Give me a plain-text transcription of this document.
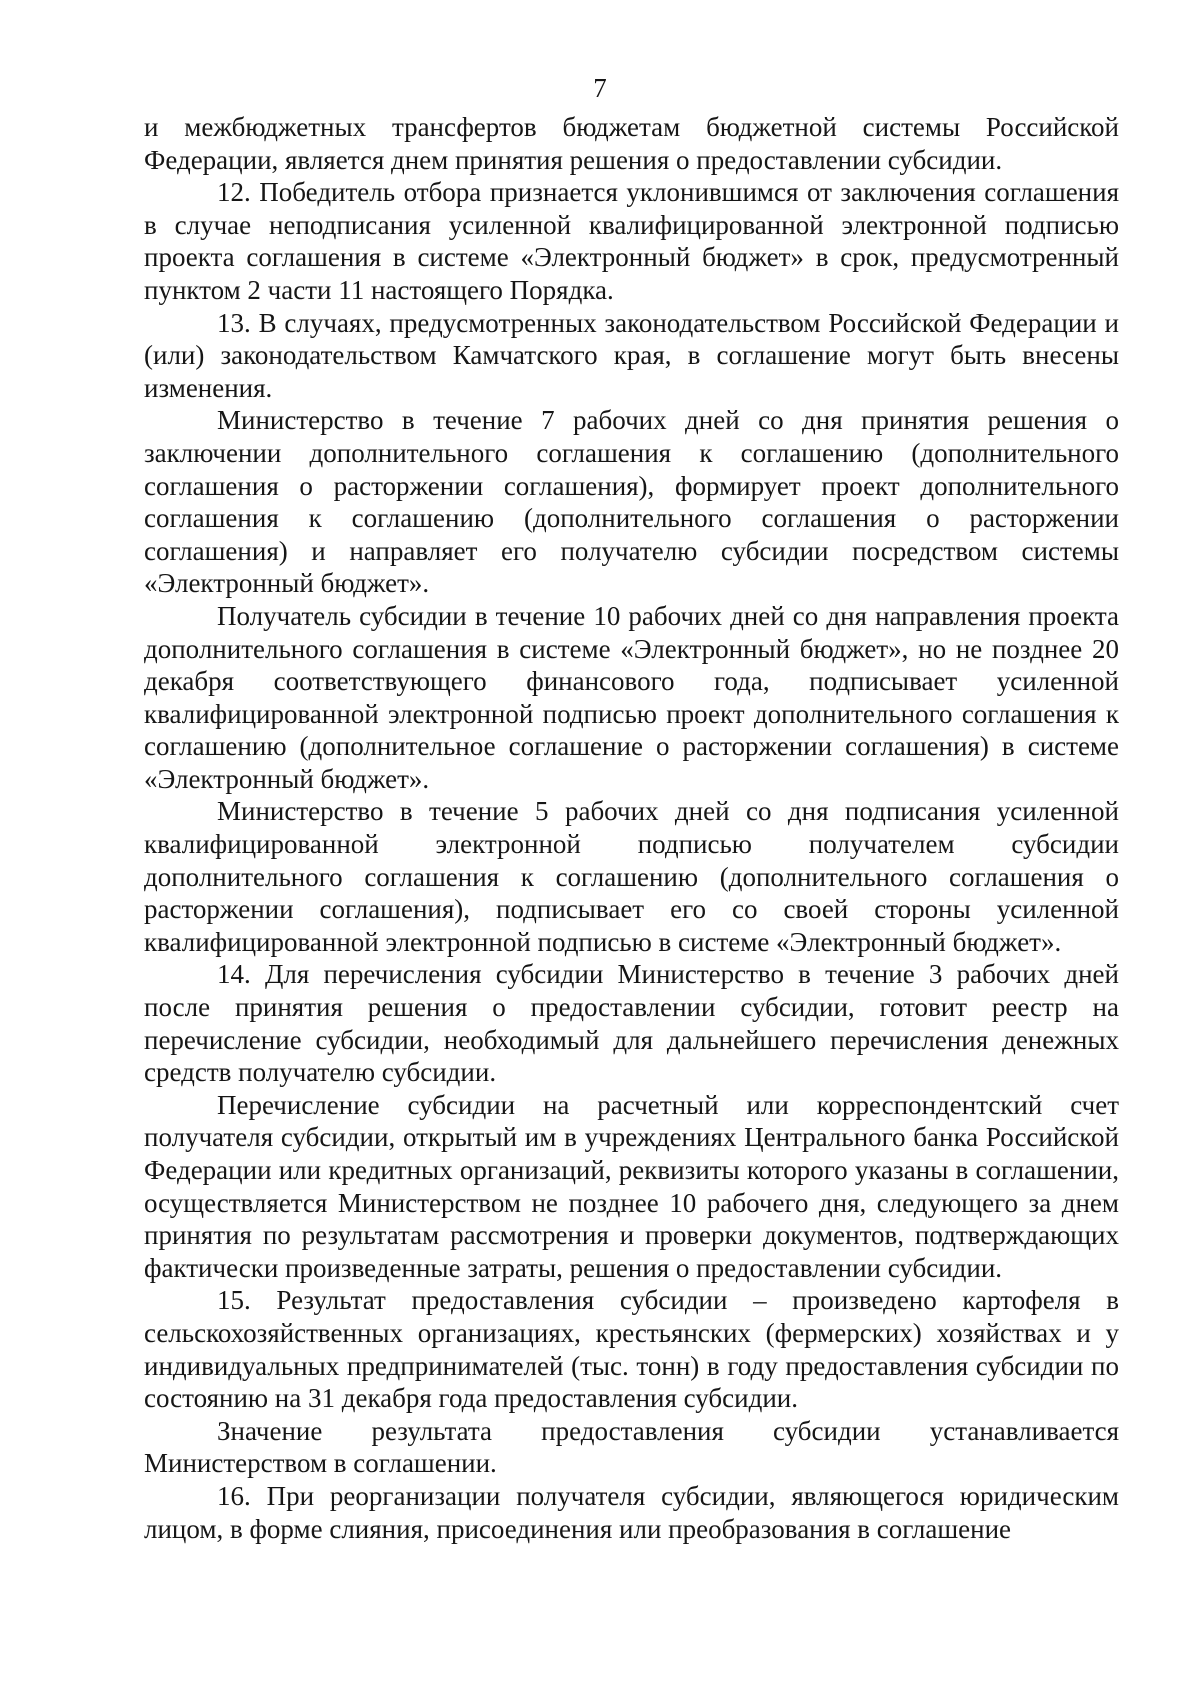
7

и межбюджетных трансфертов бюджетам бюджетной системы Российской Федерации, является днем принятия решения о предоставлении субсидии.

12. Победитель отбора признается уклонившимся от заключения соглашения в случае неподписания усиленной квалифицированной электронной подписью проекта соглашения в системе «Электронный бюджет» в срок, предусмотренный пунктом 2 части 11 настоящего Порядка.

13. В случаях, предусмотренных законодательством Российской Федерации и (или) законодательством Камчатского края, в соглашение могут быть внесены изменения.

Министерство в течение 7 рабочих дней со дня принятия решения о заключении дополнительного соглашения к соглашению (дополнительного соглашения о расторжении соглашения), формирует проект дополнительного соглашения к соглашению (дополнительного соглашения о расторжении соглашения) и направляет его получателю субсидии посредством системы «Электронный бюджет».

Получатель субсидии в течение 10 рабочих дней со дня направления проекта дополнительного соглашения в системе «Электронный бюджет», но не позднее 20 декабря соответствующего финансового года, подписывает усиленной квалифицированной электронной подписью проект дополнительного соглашения к соглашению (дополнительное соглашение о расторжении соглашения) в системе «Электронный бюджет».

Министерство в течение 5 рабочих дней со дня подписания усиленной квалифицированной электронной подписью получателем субсидии дополнительного соглашения к соглашению (дополнительного соглашения о расторжении соглашения), подписывает его со своей стороны усиленной квалифицированной электронной подписью в системе «Электронный бюджет».

14. Для перечисления субсидии Министерство в течение 3 рабочих дней после принятия решения о предоставлении субсидии, готовит реестр на перечисление субсидии, необходимый для дальнейшего перечисления денежных средств получателю субсидии.

Перечисление субсидии на расчетный или корреспондентский счет получателя субсидии, открытый им в учреждениях Центрального банка Российской Федерации или кредитных организаций, реквизиты которого указаны в соглашении, осуществляется Министерством не позднее 10 рабочего дня, следующего за днем принятия по результатам рассмотрения и проверки документов, подтверждающих фактически произведенные затраты, решения о предоставлении субсидии.

15. Результат предоставления субсидии – произведено картофеля в сельскохозяйственных организациях, крестьянских (фермерских) хозяйствах и у индивидуальных предпринимателей (тыс. тонн) в году предоставления субсидии по состоянию на 31 декабря года предоставления субсидии.

Значение результата предоставления субсидии устанавливается Министерством в соглашении.

16. При реорганизации получателя субсидии, являющегося юридическим лицом, в форме слияния, присоединения или преобразования в соглашение
